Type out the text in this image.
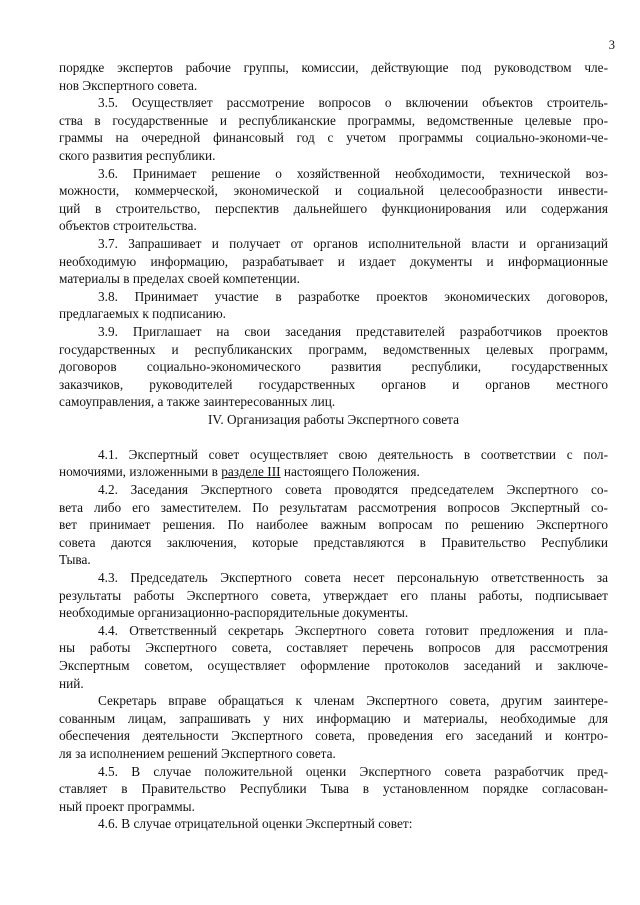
3
порядке экспертов рабочие группы, комиссии, действующие под руководством чле-
нов Экспертного совета.
3.5. Осуществляет рассмотрение вопросов о включении объектов строитель-
ства в государственные и республиканские программы, ведомственные целевые про-
граммы на очередной финансовый год с учетом программы социально-экономи-че-
ского развития республики.
3.6. Принимает решение о хозяйственной необходимости, технической воз-
можности, коммерческой, экономической и социальной целесообразности инвести-
ций в строительство, перспектив дальнейшего функционирования или содержания
объектов строительства.
3.7. Запрашивает и получает от органов исполнительной власти и организаций
необходимую информацию, разрабатывает и издает документы и информационные
материалы в пределах своей компетенции.
3.8. Принимает участие в разработке проектов экономических договоров,
предлагаемых к подписанию.
3.9. Приглашает на свои заседания представителей разработчиков проектов
государственных и республиканских программ, ведомственных целевых программ,
договоров социально-экономического развития республики, государственных
заказчиков, руководителей государственных органов и органов местного
самоуправления, а также заинтересованных лиц.
IV. Организация работы Экспертного совета
4.1. Экспертный совет осуществляет свою деятельность в соответствии с пол-
номочиями, изложенными в разделе III настоящего Положения.
4.2. Заседания Экспертного совета проводятся председателем Экспертного со-
вета либо его заместителем. По результатам рассмотрения вопросов Экспертный со-
вет принимает решения. По наиболее важным вопросам по решению Экспертного
совета даются заключения, которые представляются в Правительство Республики
Тыва.
4.3. Председатель Экспертного совета несет персональную ответственность за
результаты работы Экспертного совета, утверждает его планы работы, подписывает
необходимые организационно-распорядительные документы.
4.4. Ответственный секретарь Экспертного совета готовит предложения и пла-
ны работы Экспертного совета, составляет перечень вопросов для рассмотрения
Экспертным советом, осуществляет оформление протоколов заседаний и заключе-
ний.
Секретарь вправе обращаться к членам Экспертного совета, другим заинтере-
сованным лицам, запрашивать у них информацию и материалы, необходимые для
обеспечения деятельности Экспертного совета, проведения его заседаний и контро-
ля за исполнением решений Экспертного совета.
4.5. В случае положительной оценки Экспертного совета разработчик пред-
ставляет в Правительство Республики Тыва в установленном порядке согласован-
ный проект программы.
4.6. В случае отрицательной оценки Экспертный совет:
